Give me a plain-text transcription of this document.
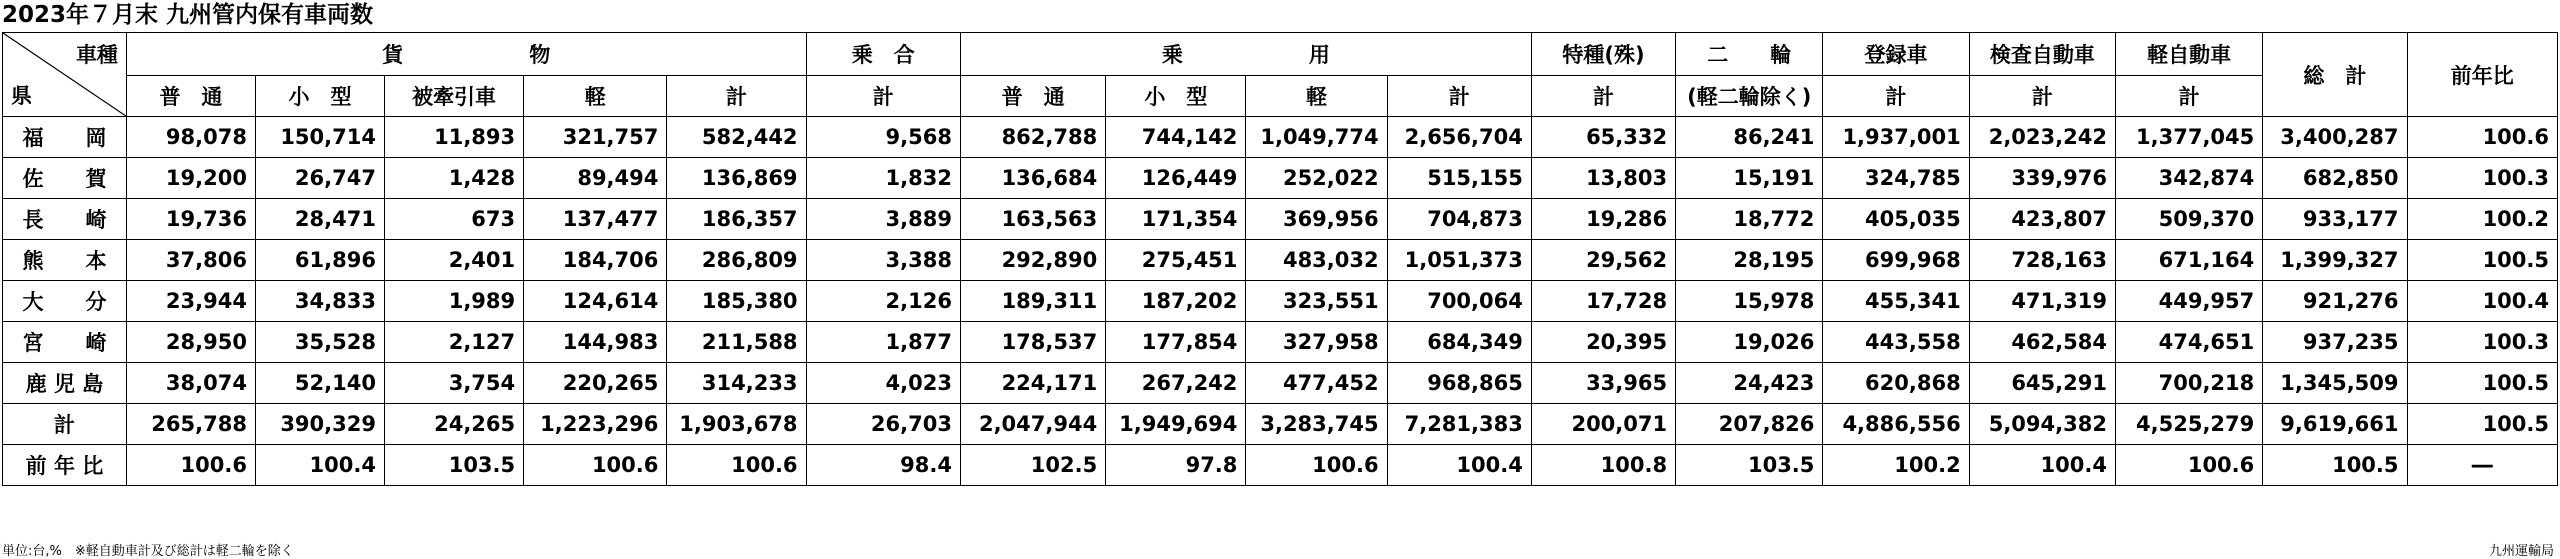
2023年７月末 九州管内保有車両数
車種
県	貨　　　　　　物					乗　合	乗　　　　　　用				特種(殊)	二　　輪	登録車	検査自動車	軽自動車	総　計	前年比
	普　通	小　型	被牽引車	軽	計	計	普　通	小　型	軽	計	計	(軽二輪除く)	計	計	計		
福　　岡	98,078	150,714	11,893	321,757	582,442	9,568	862,788	744,142	1,049,774	2,656,704	65,332	86,241	1,937,001	2,023,242	1,377,045	3,400,287	100.6
佐　　賀	19,200	26,747	1,428	89,494	136,869	1,832	136,684	126,449	252,022	515,155	13,803	15,191	324,785	339,976	342,874	682,850	100.3
長　　崎	19,736	28,471	673	137,477	186,357	3,889	163,563	171,354	369,956	704,873	19,286	18,772	405,035	423,807	509,370	933,177	100.2
熊　　本	37,806	61,896	2,401	184,706	286,809	3,388	292,890	275,451	483,032	1,051,373	29,562	28,195	699,968	728,163	671,164	1,399,327	100.5
大　　分	23,944	34,833	1,989	124,614	185,380	2,126	189,311	187,202	323,551	700,064	17,728	15,978	455,341	471,319	449,957	921,276	100.4
宮　　崎	28,950	35,528	2,127	144,983	211,588	1,877	178,537	177,854	327,958	684,349	20,395	19,026	443,558	462,584	474,651	937,235	100.3
鹿 児 島	38,074	52,140	3,754	220,265	314,233	4,023	224,171	267,242	477,452	968,865	33,965	24,423	620,868	645,291	700,218	1,345,509	100.5
計	265,788	390,329	24,265	1,223,296	1,903,678	26,703	2,047,944	1,949,694	3,283,745	7,281,383	200,071	207,826	4,886,556	5,094,382	4,525,279	9,619,661	100.5
前 年 比	100.6	100.4	103.5	100.6	100.6	98.4	102.5	97.8	100.6	100.4	100.8	103.5	100.2	100.4	100.6	100.5	―
単位:台,%　※軽自動車計及び総計は軽二輪を除く	九州運輸局
